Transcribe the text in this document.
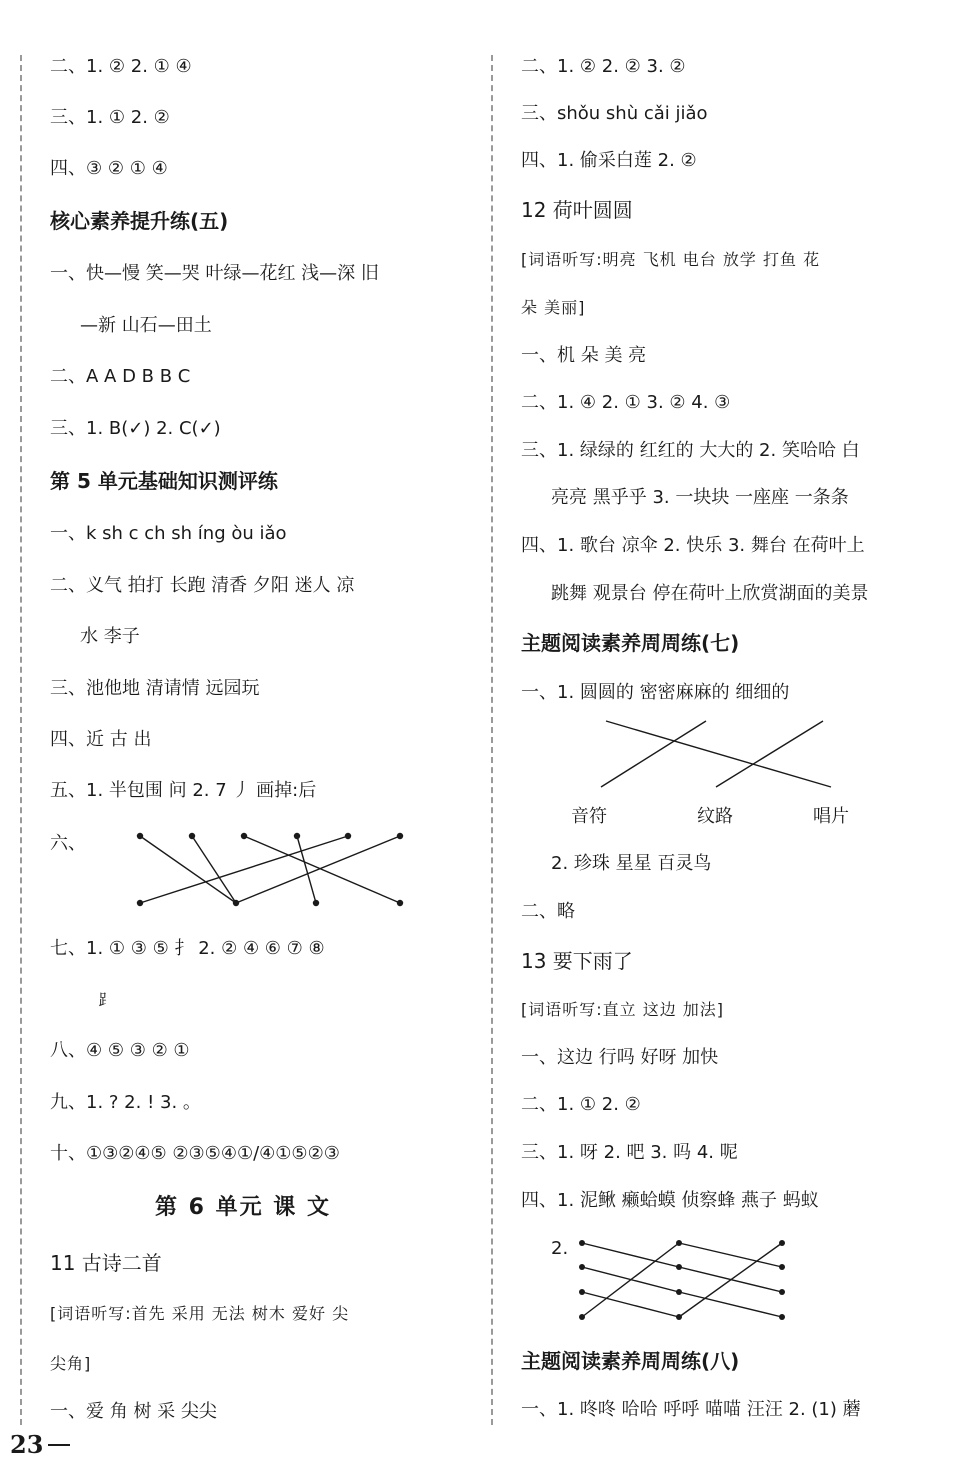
二、1. ② 2. ① ④
三、1. ① 2. ②
四、③ ② ① ④
核心素养提升练(五)
一、快—慢 笑—哭 叶绿—花红 浅—深 旧
—新 山石—田土
二、A A D B B C
三、1. B(✓) 2. C(✓)
第 5 单元基础知识测评练
一、k sh c ch sh íng òu iǎo
二、义气 拍打 长跑 清香 夕阳 迷人 凉
水 李子
三、池他地 清请情 远园玩
四、近 古 出
五、1. 半包围 问 2. 7 丿 画掉:后
六、
七、1. ① ③ ⑤ 扌 2. ② ④ ⑥ ⑦ ⑧
⻊
八、④ ⑤ ③ ② ①
九、1. ? 2. ! 3. 。
十、①③②④⑤ ②③⑤④①/④①⑤②③
第 6 单元 课 文
11 古诗二首
[词语听写:首先 采用 无法 树木 爱好 尖
尖角]
一、爱 角 树 采 尖尖
二、1. ② 2. ② 3. ②
三、shǒu shù cǎi jiǎo
四、1. 偷采白莲 2. ②
12 荷叶圆圆
[词语听写:明亮 飞机 电台 放学 打鱼 花
朵 美丽]
一、机 朵 美 亮
二、1. ④ 2. ① 3. ② 4. ③
三、1. 绿绿的 红红的 大大的 2. 笑哈哈 白
亮亮 黑乎乎 3. 一块块 一座座 一条条
四、1. 歌台 凉伞 2. 快乐 3. 舞台 在荷叶上
跳舞 观景台 停在荷叶上欣赏湖面的美景
主题阅读素养周周练(七)
一、1. 圆圆的 密密麻麻的 细细的
音符	纹路	唱片
2. 珍珠 星星 百灵鸟
二、略
13 要下雨了
[词语听写:直立 这边 加法]
一、这边 行吗 好呀 加快
二、1. ① 2. ②
三、1. 呀 2. 吧 3. 吗 4. 呢
四、1. 泥鳅 癞蛤蟆 侦察蜂 燕子 蚂蚁
2.
主题阅读素养周周练(八)
一、1. 咚咚 哈哈 呼呼 喵喵 汪汪 2. (1) 蘑
23
